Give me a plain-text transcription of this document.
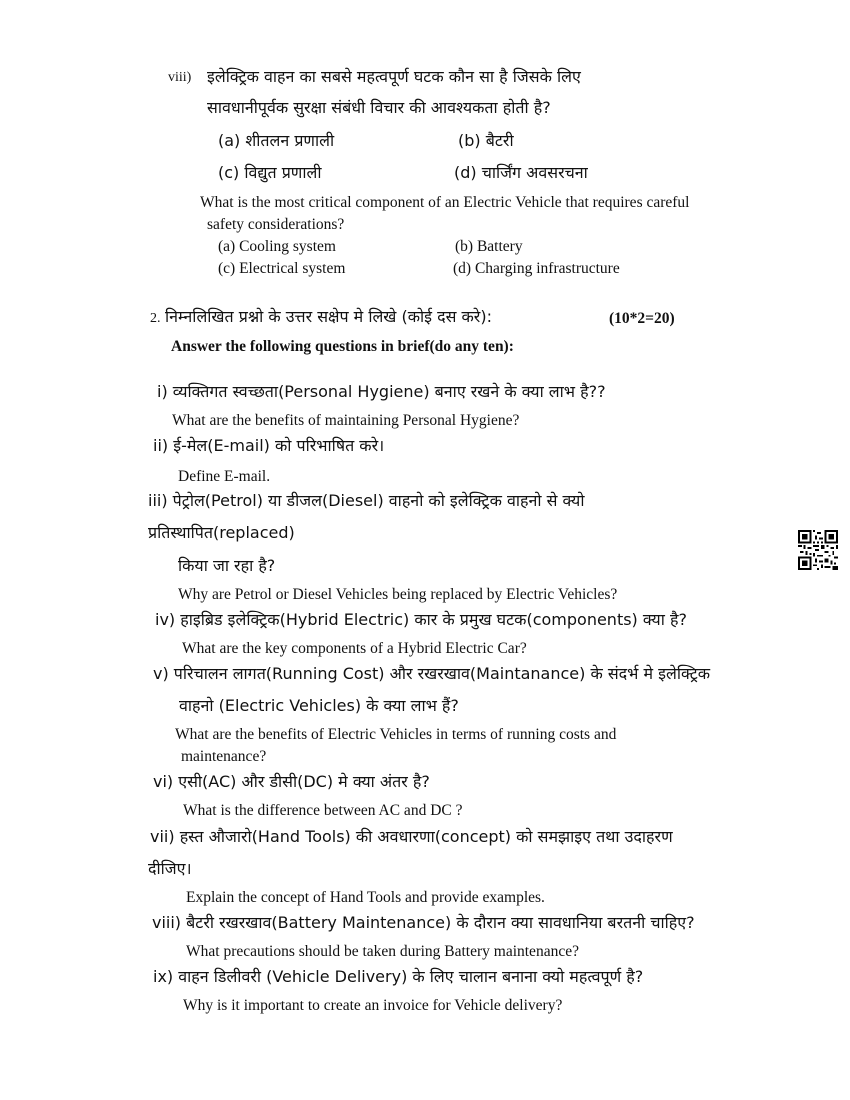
viii) इलेक्ट्रिक वाहन का सबसे महत्वपूर्ण घटक कौन सा है जिसके लिए
सावधानीपूर्वक सुरक्षा संबंधी विचार की आवश्यकता होती है?
(a) शीतलन प्रणाली	(b) बैटरी
(c) विद्युत प्रणाली	(d) चार्जिंग अवसरचना
What is the most critical component of an Electric Vehicle that requires careful
safety considerations?
(a) Cooling system	(b) Battery
(c) Electrical system	(d) Charging infrastructure
2. निम्नलिखित प्रश्नो के उत्तर सक्षेप मे लिखे (कोई दस करे):	(10*2=20)
Answer the following questions in brief(do any ten):
i) व्यक्तिगत स्वच्छता(Personal Hygiene) बनाए रखने के क्या लाभ है??
What are the benefits of maintaining Personal Hygiene?
ii) ई-मेल(E-mail) को परिभाषित करे।
Define E-mail.
iii) पेट्रोल(Petrol) या डीजल(Diesel) वाहनो को इलेक्ट्रिक वाहनो से क्यो
प्रतिस्थापित(replaced)
किया जा रहा है?
Why are Petrol or Diesel Vehicles being replaced by Electric Vehicles?
iv) हाइब्रिड इलेक्ट्रिक(Hybrid Electric) कार के प्रमुख घटक(components) क्या है?
What are the key components of a Hybrid Electric Car?
v) परिचालन लागत(Running Cost) और रखरखाव(Maintanance) के संदर्भ मे इलेक्ट्रिक
वाहनो (Electric Vehicles) के क्या लाभ हैं?
What are the benefits of Electric Vehicles in terms of running costs and
maintenance?
vi) एसी(AC) और डीसी(DC) मे क्या अंतर है?
What is the difference between AC and DC ?
vii) हस्त औजारो(Hand Tools) की अवधारणा(concept) को समझाइए तथा उदाहरण
दीजिए।
Explain the concept of Hand Tools and provide examples.
viii) बैटरी रखरखाव(Battery Maintenance) के दौरान क्या सावधानिया बरतनी चाहिए?
What precautions should be taken during Battery maintenance?
ix) वाहन डिलीवरी (Vehicle Delivery) के लिए चालान बनाना क्यो महत्वपूर्ण है?
Why is it important to create an invoice for Vehicle delivery?
